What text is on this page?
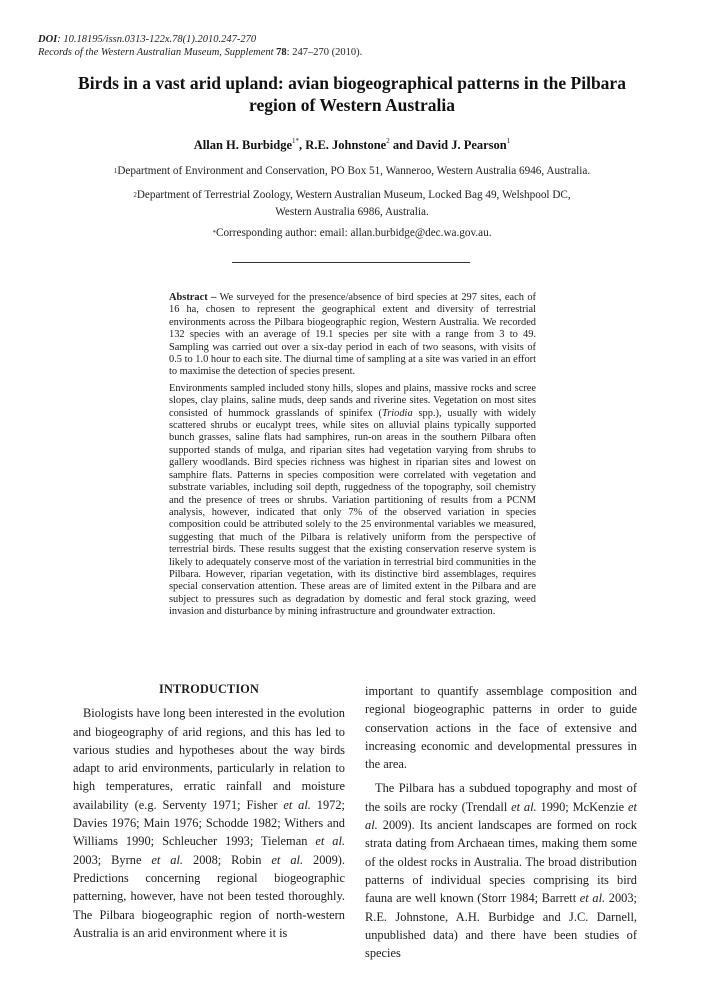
DOI: 10.18195/issn.0313-122x.78(1).2010.247-270
Records of the Western Australian Museum, Supplement 78: 247–270 (2010).
Birds in a vast arid upland: avian biogeographical patterns in the Pilbara
region of Western Australia
Allan H. Burbidge$^{1*}$, R.E. Johnstone$^2$ and David J. Pearson$^1$
$^1$Department of Environment and Conservation, PO Box 51, Wanneroo, Western Australia 6946, Australia.
$^2$Department of Terrestrial Zoology, Western Australian Museum, Locked Bag 49, Welshpool DC,
Western Australia 6986, Australia.
*Corresponding author: email: allan.burbidge@dec.wa.gov.au.

Abstract – We surveyed for the presence/absence of bird species at 297 sites, each of 16 ha, chosen to represent the geographical extent and diversity of terrestrial environments across the Pilbara biogeographic region, Western Australia. We recorded 132 species with an average of 19.1 species per site with a range from 3 to 49. Sampling was carried out over a six-day period in each of two seasons, with visits of 0.5 to 1.0 hour to each site. The diurnal time of sampling at a site was varied in an effort to maximise the detection of species present.

Environments sampled included stony hills, slopes and plains, massive rocks and scree slopes, clay plains, saline muds, deep sands and riverine sites. Vegetation on most sites consisted of hummock grasslands of spinifex (Triodia spp.), usually with widely scattered shrubs or eucalypt trees, while sites on alluvial plains typically supported bunch grasses, saline flats had samphires, run-on areas in the southern Pilbara often supported stands of mulga, and riparian sites had vegetation varying from shrubs to gallery woodlands. Bird species richness was highest in riparian sites and lowest on samphire flats. Patterns in species composition were correlated with vegetation and substrate variables, including soil depth, ruggedness of the topography, soil chemistry and the presence of trees or shrubs. Variation partitioning of results from a PCNM analysis, however, indicated that only 7% of the observed variation in species composition could be attributed solely to the 25 environmental variables we measured, suggesting that much of the Pilbara is relatively uniform from the perspective of terrestrial birds. These results suggest that the existing conservation reserve system is likely to adequately conserve most of the variation in terrestrial bird communities in the Pilbara. However, riparian vegetation, with its distinctive bird assemblages, requires special conservation attention. These areas are of limited extent in the Pilbara and are subject to pressures such as degradation by domestic and feral stock grazing, weed invasion and disturbance by mining infrastructure and groundwater extraction.

INTRODUCTION

Biologists have long been interested in the evolution and biogeography of arid regions, and this has led to various studies and hypotheses about the way birds adapt to arid environments, particularly in relation to high temperatures, erratic rainfall and moisture availability (e.g. Serventy 1971; Fisher et al. 1972; Davies 1976; Main 1976; Schodde 1982; Withers and Williams 1990; Schleucher 1993; Tieleman et al. 2003; Byrne et al. 2008; Robin et al. 2009). Predictions concerning regional biogeographic patterning, however, have not been tested thoroughly. The Pilbara biogeographic region of north-western Australia is an arid environment where it is

important to quantify assemblage composition and regional biogeographic patterns in order to guide conservation actions in the face of extensive and increasing economic and developmental pressures in the area.

The Pilbara has a subdued topography and most of the soils are rocky (Trendall et al. 1990; McKenzie et al. 2009). Its ancient landscapes are formed on rock strata dating from Archaean times, making them some of the oldest rocks in Australia. The broad distribution patterns of individual species comprising its bird fauna are well known (Storr 1984; Barrett et al. 2003; R.E. Johnstone, A.H. Burbidge and J.C. Darnell, unpublished data) and there have been studies of species
